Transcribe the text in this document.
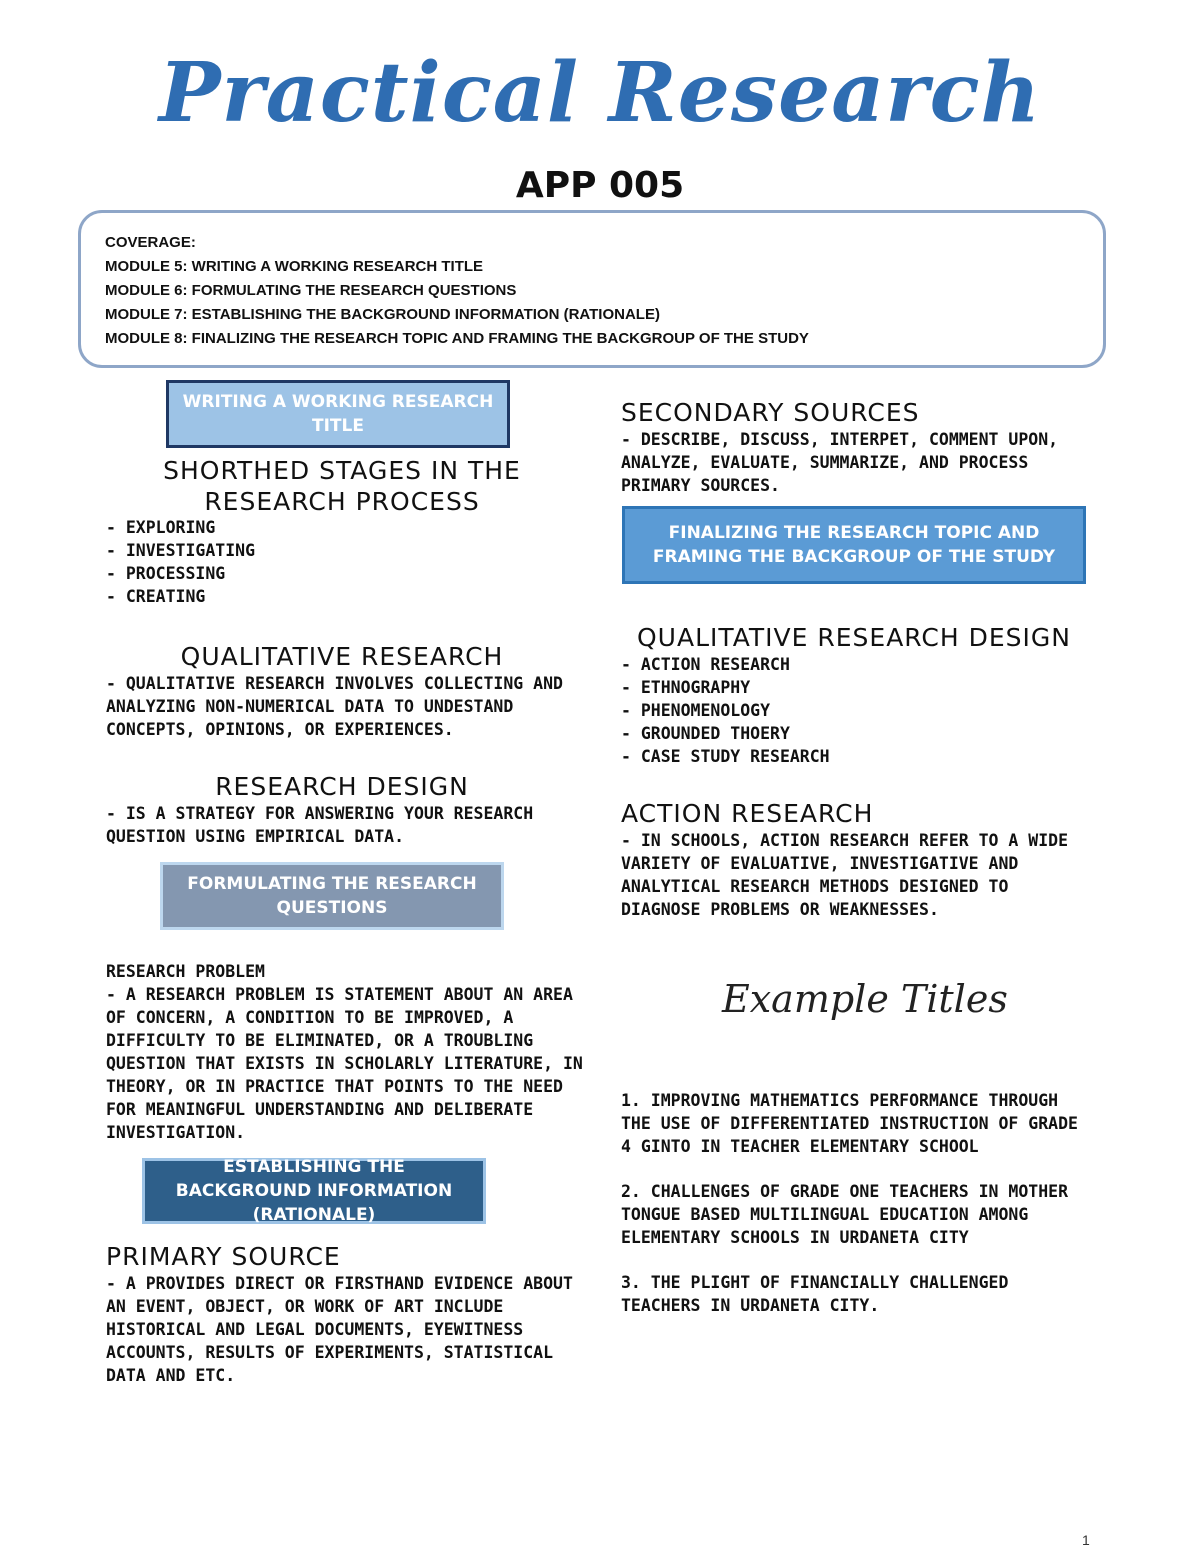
Practical Research
APP 005
COVERAGE:
MODULE 5: WRITING A WORKING RESEARCH TITLE
MODULE 6: FORMULATING THE RESEARCH QUESTIONS
MODULE 7: ESTABLISHING THE BACKGROUND INFORMATION (RATIONALE)
MODULE 8: FINALIZING THE RESEARCH TOPIC AND FRAMING THE BACKGROUP OF THE STUDY
WRITING A WORKING RESEARCH TITLE
SHORTHED STAGES IN THE RESEARCH PROCESS
- EXPLORING
- INVESTIGATING
- PROCESSING
- CREATING
QUALITATIVE RESEARCH
- QUALITATIVE RESEARCH INVOLVES COLLECTING AND
ANALYZING NON-NUMERICAL DATA TO UNDESTAND
CONCEPTS, OPINIONS, OR EXPERIENCES.
RESEARCH DESIGN
- IS A STRATEGY FOR ANSWERING YOUR RESEARCH
QUESTION USING EMPIRICAL DATA.
FORMULATING THE RESEARCH QUESTIONS
RESEARCH PROBLEM
- A RESEARCH PROBLEM IS STATEMENT ABOUT AN AREA
OF CONCERN, A CONDITION TO BE IMPROVED, A
DIFFICULTY TO BE ELIMINATED, OR A TROUBLING
QUESTION THAT EXISTS IN SCHOLARLY LITERATURE, IN
THEORY, OR IN PRACTICE THAT POINTS TO THE NEED
FOR MEANINGFUL UNDERSTANDING AND DELIBERATE
INVESTIGATION.
ESTABLISHING THE BACKGROUND INFORMATION (RATIONALE)
PRIMARY SOURCE
- A PROVIDES DIRECT OR FIRSTHAND EVIDENCE ABOUT
AN EVENT, OBJECT, OR WORK OF ART INCLUDE
HISTORICAL AND LEGAL DOCUMENTS, EYEWITNESS
ACCOUNTS, RESULTS OF EXPERIMENTS, STATISTICAL
DATA AND ETC.
SECONDARY SOURCES
- DESCRIBE, DISCUSS, INTERPET, COMMENT UPON,
ANALYZE, EVALUATE, SUMMARIZE, AND PROCESS
PRIMARY SOURCES.
FINALIZING THE RESEARCH TOPIC AND FRAMING THE BACKGROUP OF THE STUDY
QUALITATIVE RESEARCH DESIGN
- ACTION RESEARCH
- ETHNOGRAPHY
- PHENOMENOLOGY
- GROUNDED THOERY
- CASE STUDY RESEARCH
ACTION RESEARCH
- IN SCHOOLS, ACTION RESEARCH REFER TO A WIDE
VARIETY OF EVALUATIVE, INVESTIGATIVE AND
ANALYTICAL RESEARCH METHODS DESIGNED TO
DIAGNOSE PROBLEMS OR WEAKNESSES.
Example Titles
1. IMPROVING MATHEMATICS PERFORMANCE THROUGH
THE USE OF DIFFERENTIATED INSTRUCTION OF GRADE
4 GINTO IN TEACHER ELEMENTARY SCHOOL
2. CHALLENGES OF GRADE ONE TEACHERS IN MOTHER
TONGUE BASED MULTILINGUAL EDUCATION AMONG
ELEMENTARY SCHOOLS IN URDANETA CITY
3. THE PLIGHT OF FINANCIALLY CHALLENGED
TEACHERS IN URDANETA CITY.
1
